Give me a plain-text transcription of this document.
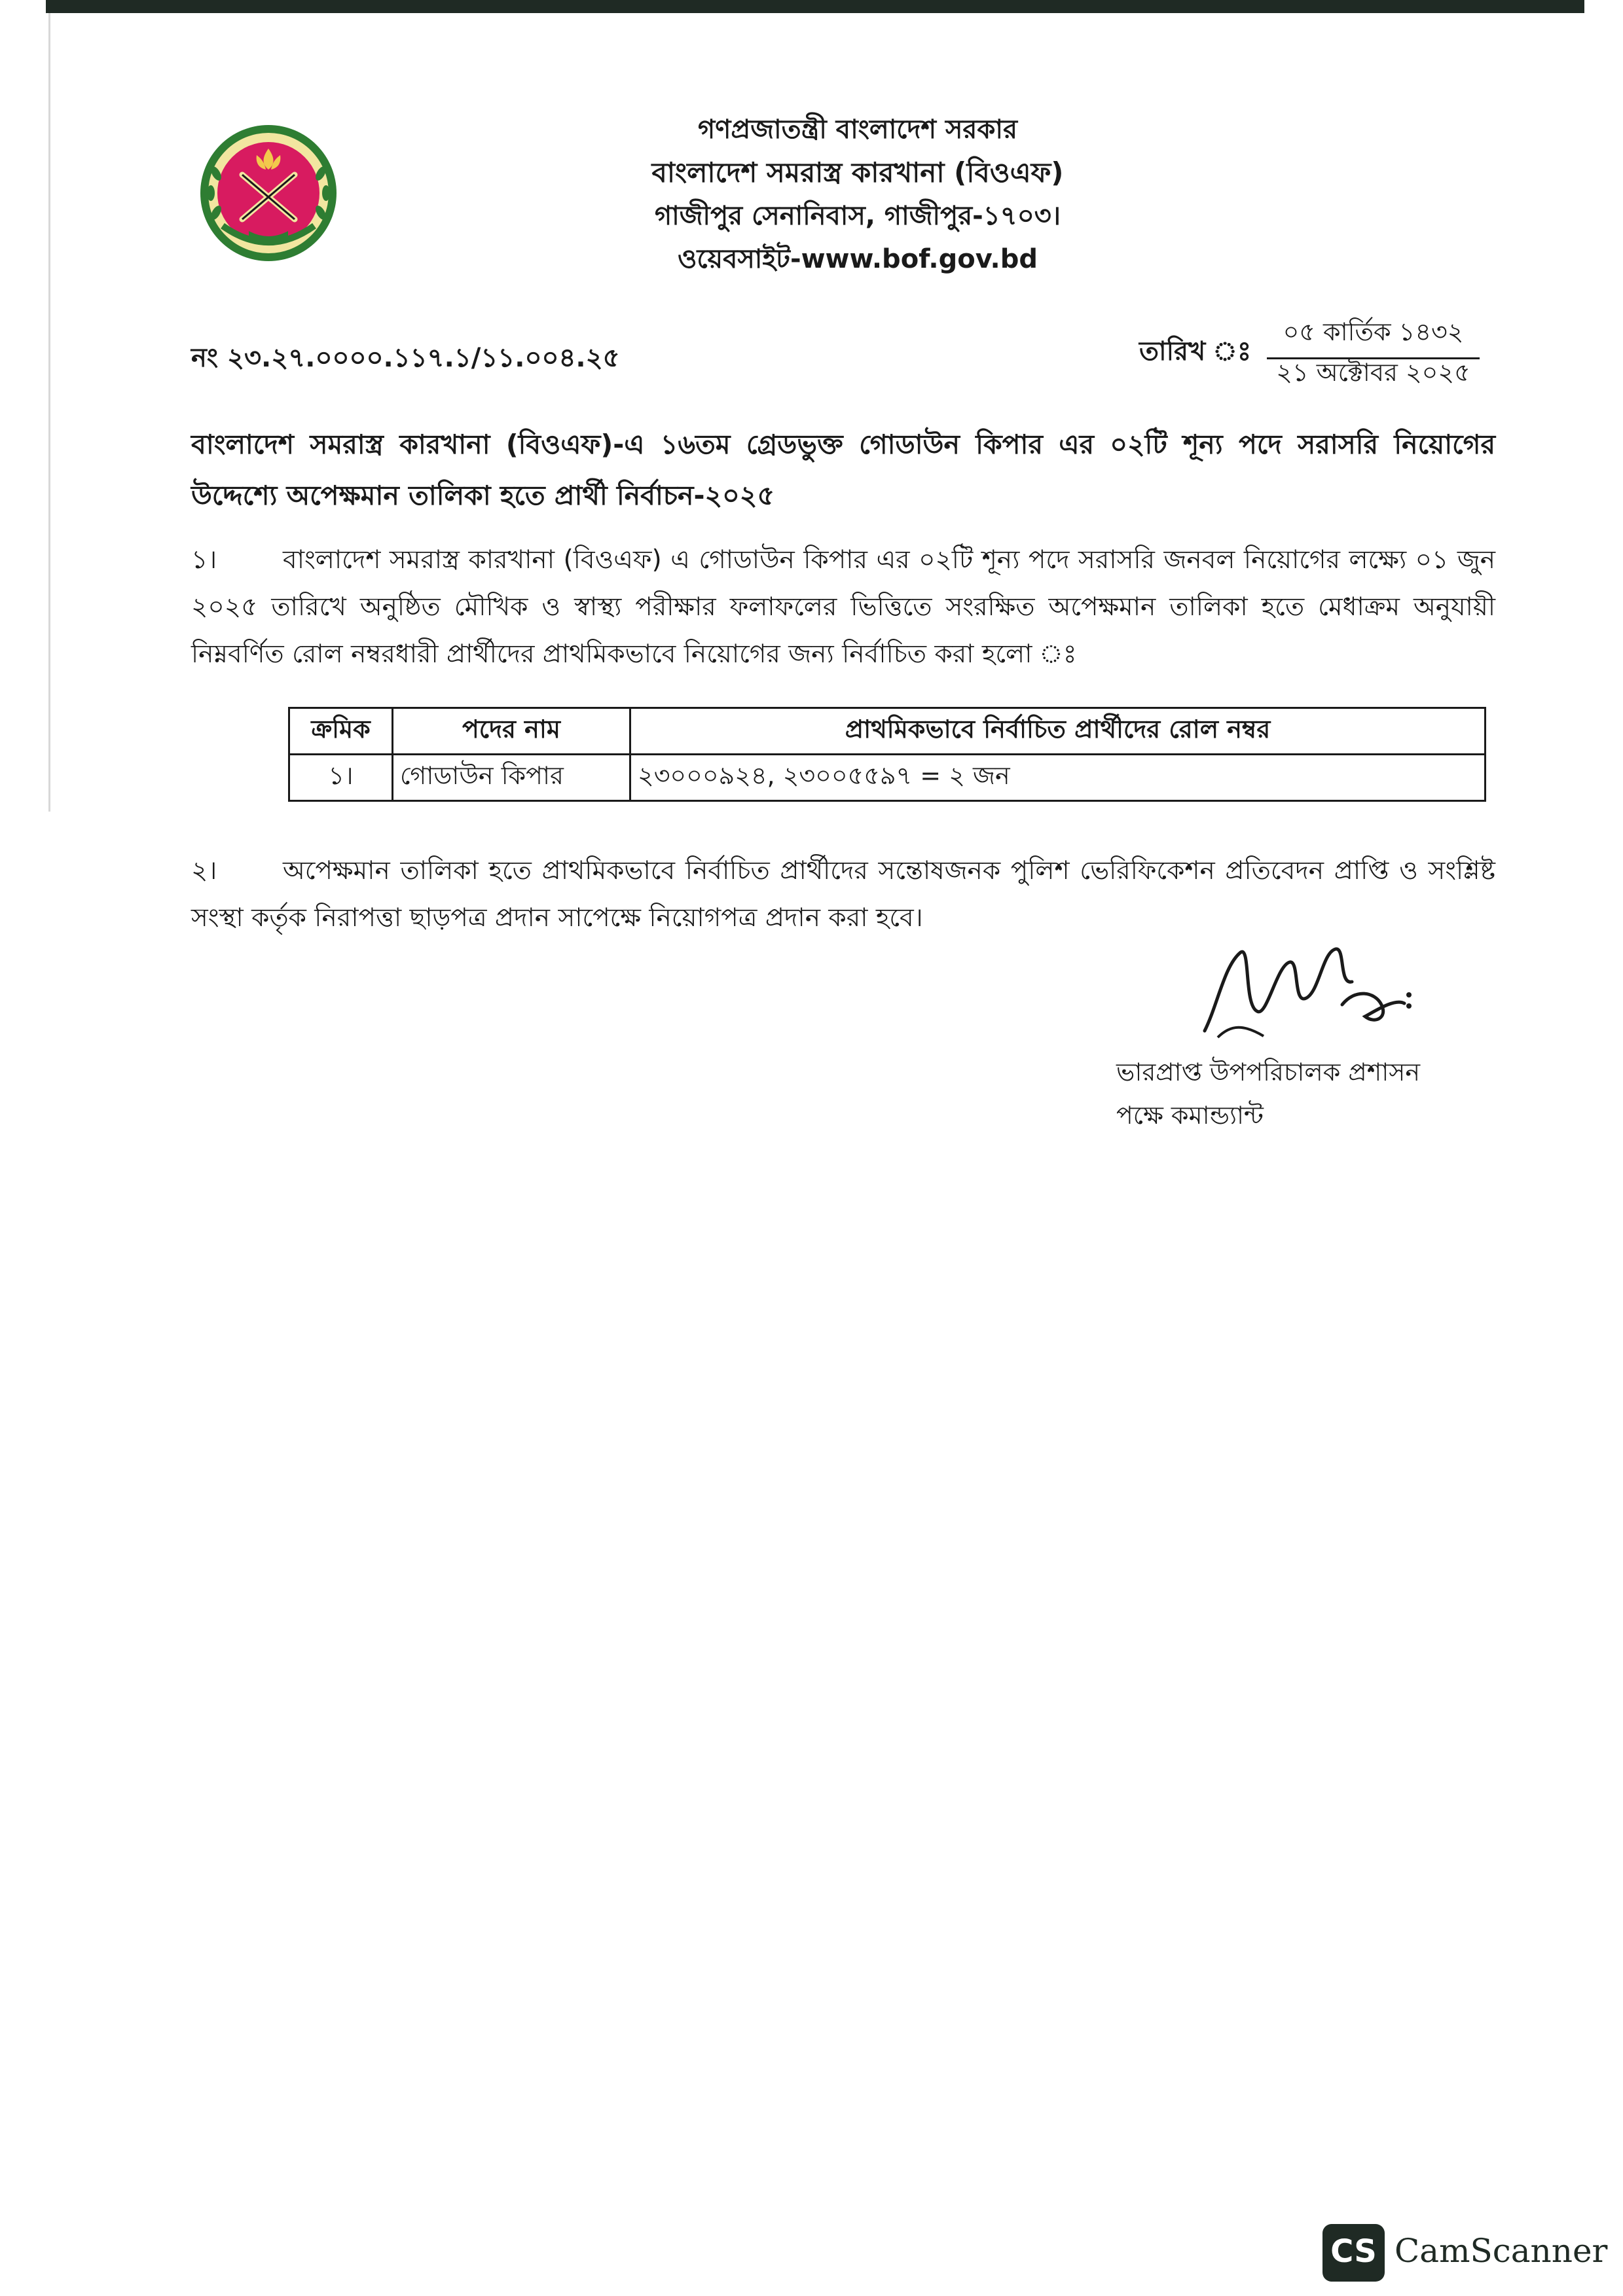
গণপ্রজাতন্ত্রী বাংলাদেশ সরকার
বাংলাদেশ সমরাস্ত্র কারখানা (বিওএফ)
গাজীপুর সেনানিবাস, গাজীপুর-১৭০৩।
ওয়েবসাইট-www.bof.gov.bd
নং ২৩.২৭.০০০০.১১৭.১/১১.০০৪.২৫	তারিখ ঃ
০৫ কার্তিক ১৪৩২
২১ অক্টোবর ২০২৫
বাংলাদেশ সমরাস্ত্র কারখানা (বিওএফ)-এ ১৬তম গ্রেডভুক্ত গোডাউন কিপার এর ০২টি শূন্য পদে সরাসরি নিয়োগের উদ্দেশ্যে অপেক্ষমান তালিকা হতে প্রার্থী নির্বাচন-২০২৫
১।	বাংলাদেশ সমরাস্ত্র কারখানা (বিওএফ) এ গোডাউন কিপার এর ০২টি শূন্য পদে সরাসরি জনবল নিয়োগের লক্ষ্যে ০১ জুন ২০২৫ তারিখে অনুষ্ঠিত মৌখিক ও স্বাস্থ্য পরীক্ষার ফলাফলের ভিত্তিতে সংরক্ষিত অপেক্ষমান তালিকা হতে মেধাক্রম অনুযায়ী নিম্নবর্ণিত রোল নম্বরধারী প্রার্থীদের প্রাথমিকভাবে নিয়োগের জন্য নির্বাচিত করা হলো ঃ
ক্রমিক	পদের নাম	প্রাথমিকভাবে নির্বাচিত প্রার্থীদের রোল নম্বর
১।	গোডাউন কিপার	২৩০০০৯২৪, ২৩০০৫৫৯৭ = ২ জন
২।	অপেক্ষমান তালিকা হতে প্রাথমিকভাবে নির্বাচিত প্রার্থীদের সন্তোষজনক পুলিশ ভেরিফিকেশন প্রতিবেদন প্রাপ্তি ও সংশ্লিষ্ট সংস্থা কর্তৃক নিরাপত্তা ছাড়পত্র প্রদান সাপেক্ষে নিয়োগপত্র প্রদান করা হবে।
ভারপ্রাপ্ত উপপরিচালক প্রশাসন
পক্ষে কমান্ড্যান্ট
CS CamScanner
